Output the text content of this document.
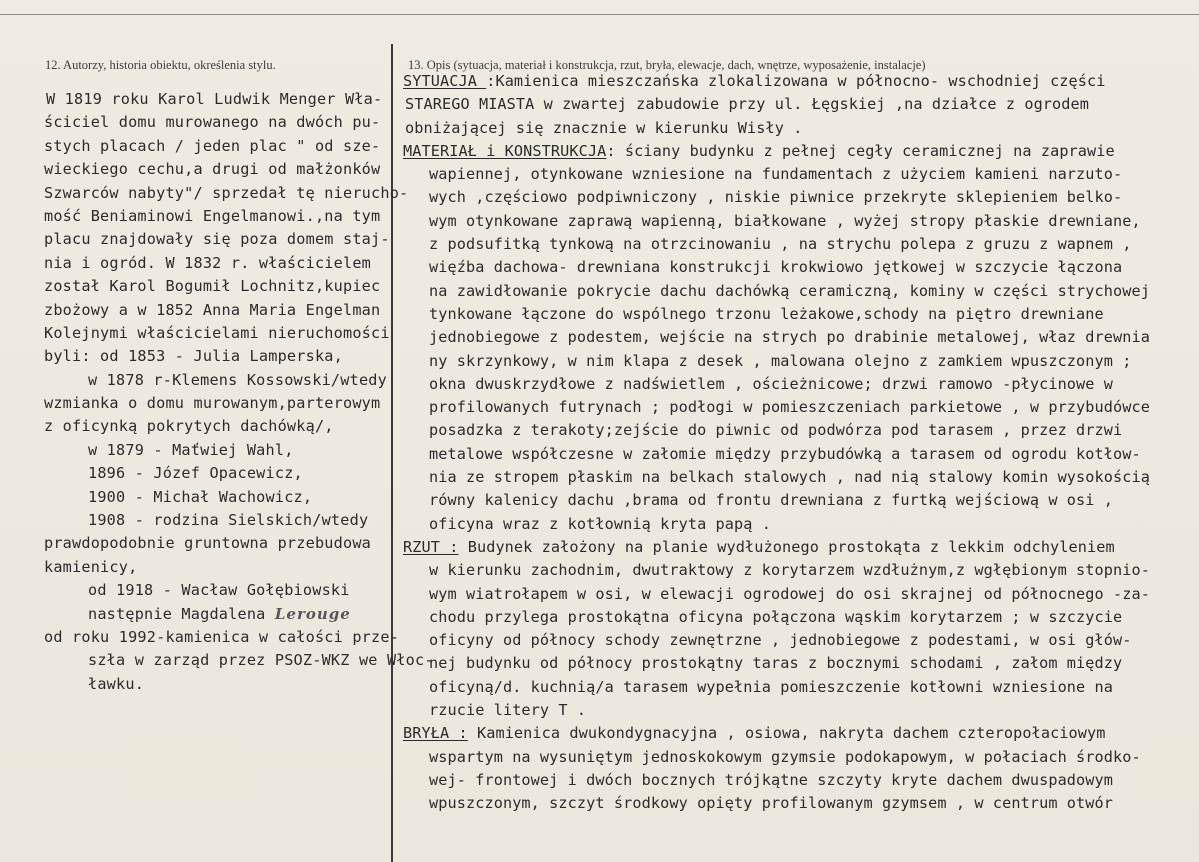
12. Autorzy, historia obiektu, określenia stylu.	13. Opis (sytuacja, materiał i konstrukcja, rzut, bryła, elewacje, dach, wnętrze, wyposażenie, instalacje)
W 1819 roku Karol Ludwik Menger Wła-
ściciel domu murowanego na dwóch pu-
stych placach / jeden plac " od sze-
wieckiego cechu,a drugi od małżonków
Szwarców nabyty"/ sprzedał tę nierucho-
mość Beniaminowi Engelmanowi.,na tym
placu znajdowały się poza domem staj-
nia i ogród. W 1832 r. właścicielem
został Karol Bogumił Lochnitz,kupiec
zbożowy a w 1852 Anna Maria Engelman
Kolejnymi właścicielami nieruchomości
byli: od 1853 - Julia Lamperska,
w 1878 r-Klemens Kossowski/wtedy
wzmianka o domu murowanym,parterowym
z oficynką pokrytych dachówką/,
w 1879 - Maťwiej Wahl,
1896 - Józef Opacewicz,
1900 - Michał Wachowicz,
1908 - rodzina Sielskich/wtedy
prawdopodobnie gruntowna przebudowa
kamienicy,
od 1918 - Wacław Gołębiowski
następnie Magdalena Lerouge
od roku 1992-kamienica w całości prze-
szła w zarząd przez PSOZ-WKZ we Włoc-
ławku.
SYTUACJA :Kamienica mieszczańska zlokalizowana w północno- wschodniej części
STAREGO MIASTA w zwartej zabudowie przy ul. Łęgskiej ,na działce z ogrodem
obniżającej się znacznie w kierunku Wisły .
MATERIAŁ i KONSTRUKCJA: ściany budynku z pełnej cegły ceramicznej na zaprawie
wapiennej, otynkowane wzniesione na fundamentach z użyciem kamieni narzuto-
wych ,częściowo podpiwniczony , niskie piwnice przekryte sklepieniem belko-
wym otynkowane zaprawą wapienną, białkowane , wyżej stropy płaskie drewniane,
z podsufitką tynkową na otrzcinowaniu , na strychu polepa z gruzu z wapnem ,
więźba dachowa- drewniana konstrukcji krokwiowo jętkowej w szczycie łączona
na zawidłowanie pokrycie dachu dachówką ceramiczną, kominy w części strychowej
tynkowane łączone do wspólnego trzonu leżakowe,schody na piętro drewniane
jednobiegowe z podestem, wejście na strych po drabinie metalowej, właz drewnia
ny skrzynkowy, w nim klapa z desek , malowana olejno z zamkiem wpuszczonym ;
okna dwuskrzydłowe z nadświetlem , ościeżnicowe; drzwi ramowo -płycinowe w
profilowanych futrynach ; podłogi w pomieszczeniach parkietowe , w przybudówce
posadzka z terakoty;zejście do piwnic od podwórza pod tarasem , przez drzwi
metalowe współczesne w załomie między przybudówką a tarasem od ogrodu kotłow-
nia ze stropem płaskim na belkach stalowych , nad nią stalowy komin wysokością
równy kalenicy dachu ,brama od frontu drewniana z furtką wejściową w osi ,
oficyna wraz z kotłownią kryta papą .
RZUT : Budynek założony na planie wydłużonego prostokąta z lekkim odchyleniem
w kierunku zachodnim, dwutraktowy z korytarzem wzdłużnym,z wgłębionym stopnio-
wym wiatrołapem w osi, w elewacji ogrodowej do osi skrajnej od północnego -za-
chodu przylega prostokątna oficyna połączona wąskim korytarzem ; w szczycie
oficyny od północy schody zewnętrzne , jednobiegowe z podestami, w osi głów-
nej budynku od północy prostokątny taras z bocznymi schodami , załom między
oficyną/d. kuchnią/a tarasem wypełnia pomieszczenie kotłowni wzniesione na
rzucie litery T .
BRYŁA : Kamienica dwukondygnacyjna , osiowa, nakryta dachem czteropołaciowym
wspartym na wysuniętym jednoskokowym gzymsie podokapowym, w połaciach środko-
wej- frontowej i dwóch bocznych trójkątne szczyty kryte dachem dwuspadowym
wpuszczonym, szczyt środkowy opięty profilowanym gzymsem , w centrum otwór
